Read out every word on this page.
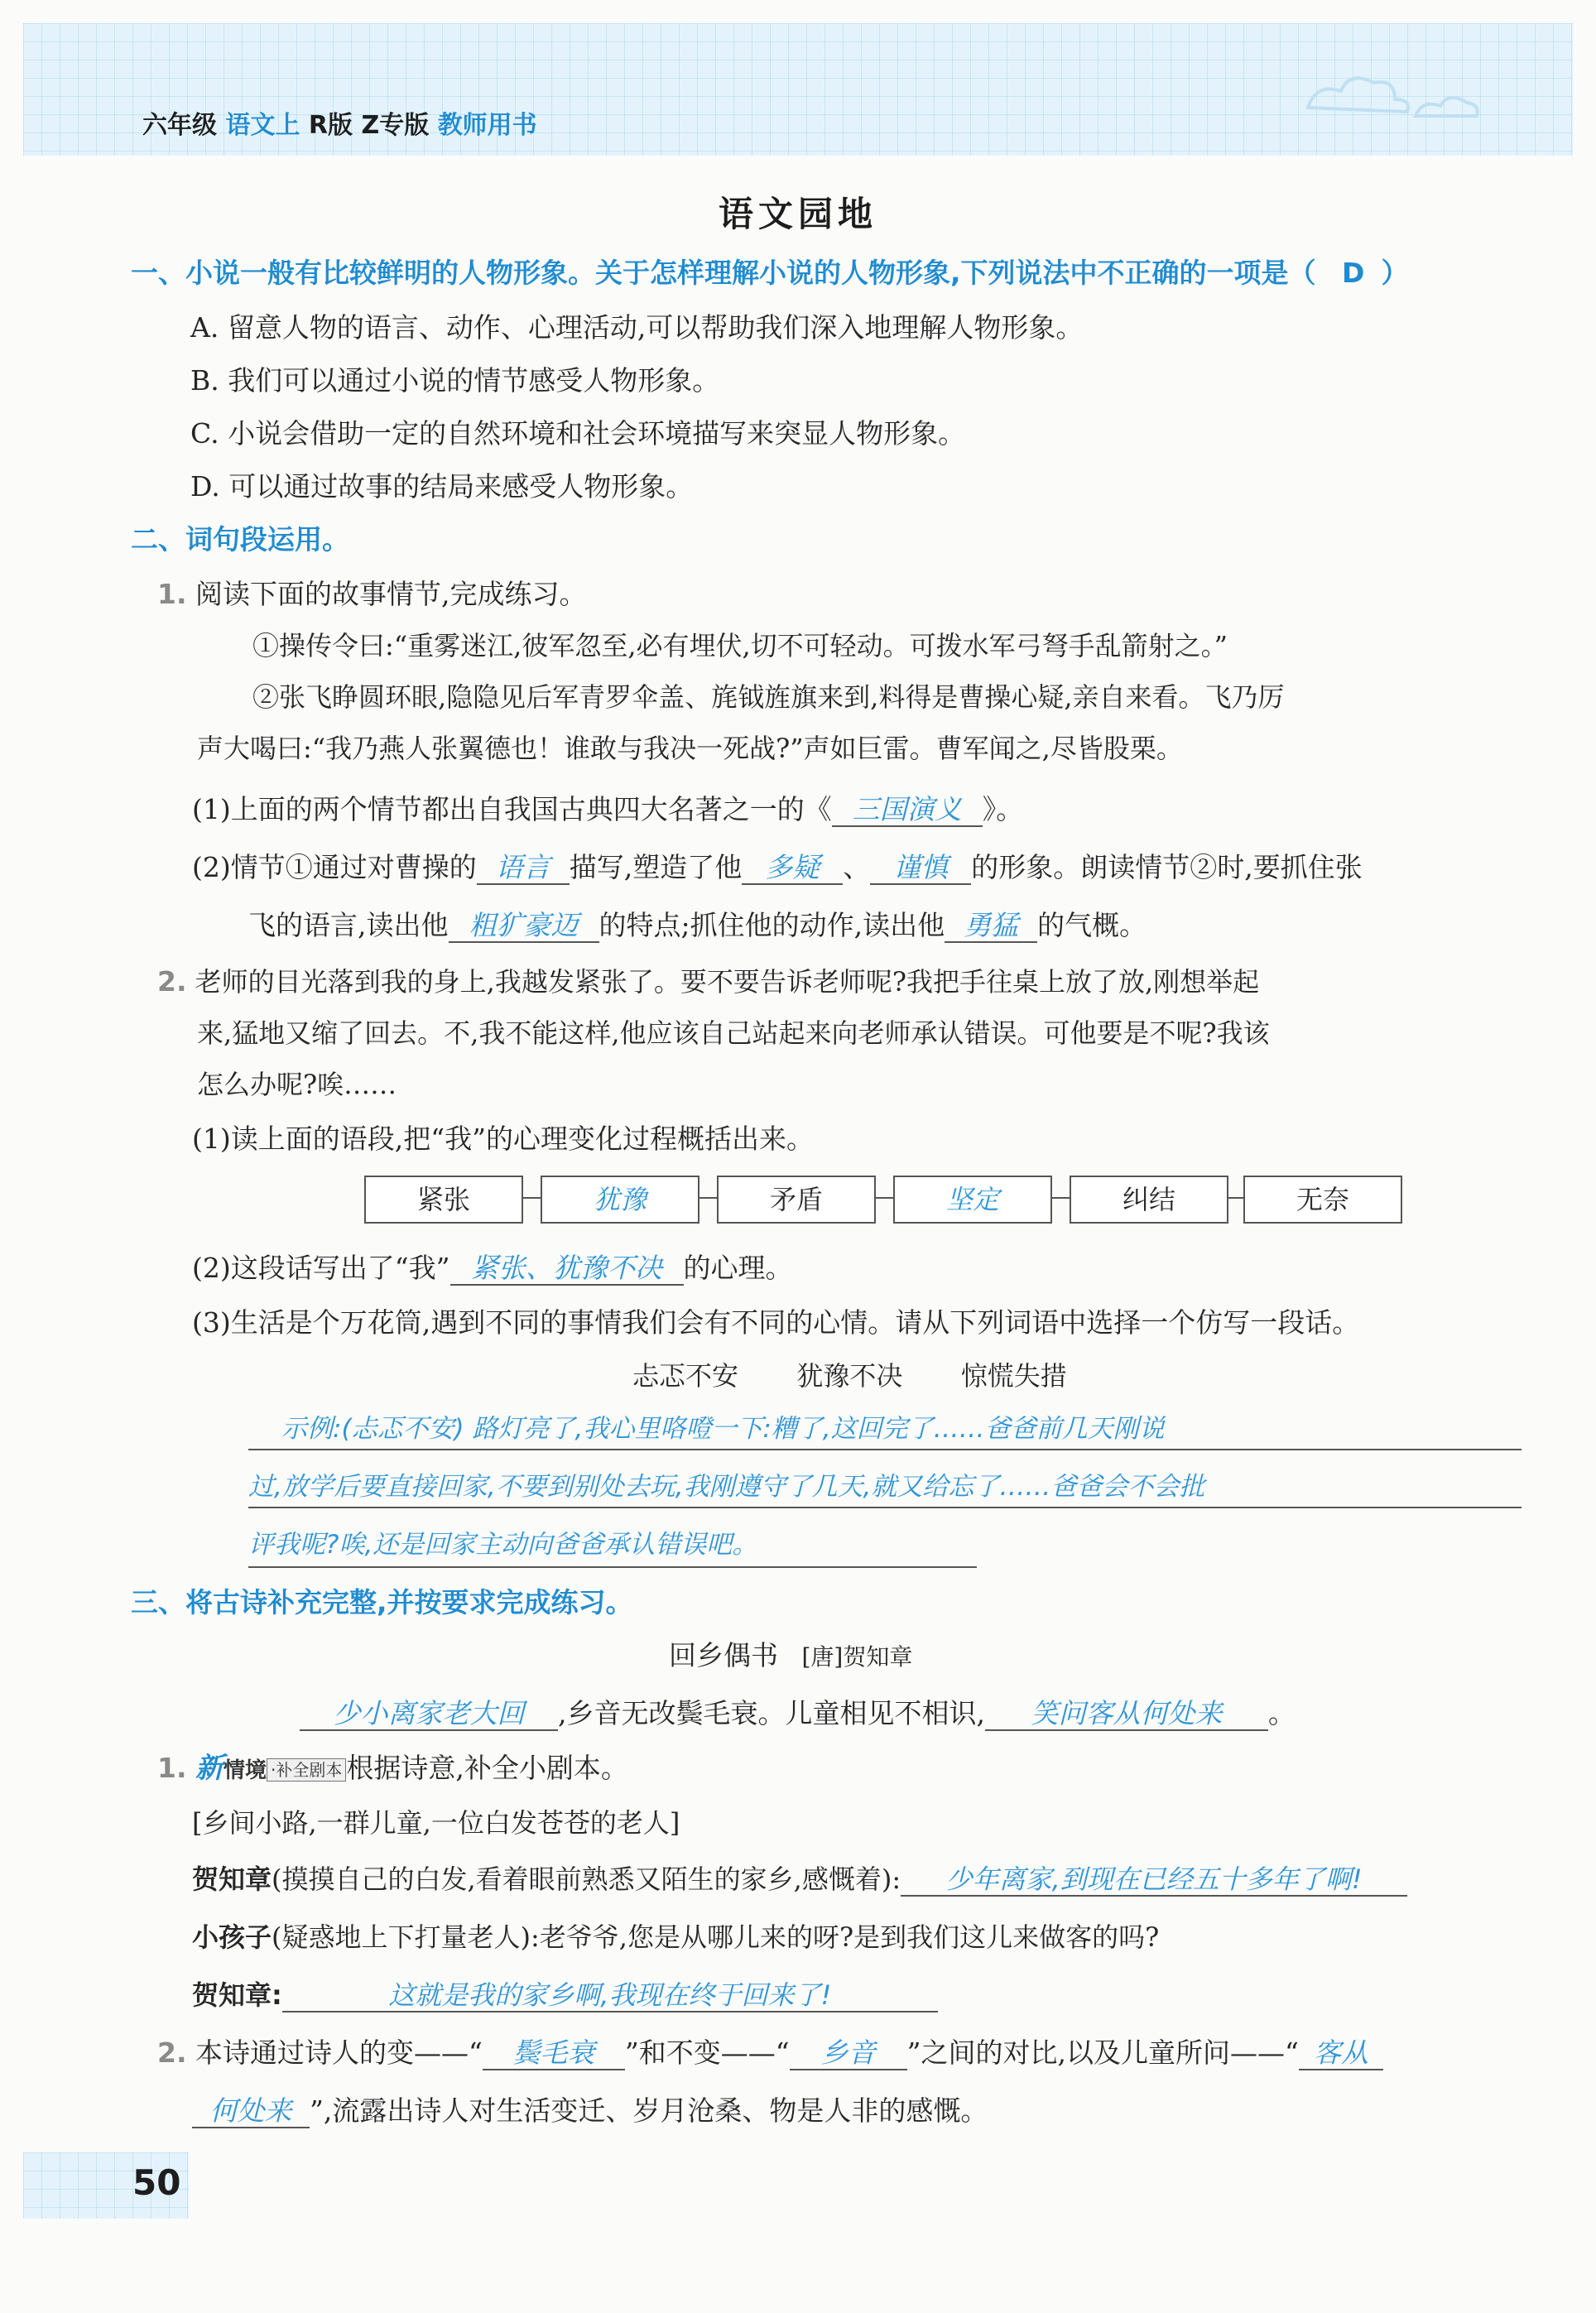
六年级 语文上 R版 Z专版 教师用书
语文园地
一、小说一般有比较鲜明的人物形象。关于怎样理解小说的人物形象,下列说法中不正确的一项是（ D ）
A. 留意人物的语言、动作、心理活动,可以帮助我们深入地理解人物形象。
B. 我们可以通过小说的情节感受人物形象。
C. 小说会借助一定的自然环境和社会环境描写来突显人物形象。
D. 可以通过故事的结局来感受人物形象。
二、词句段运用。
1. 阅读下面的故事情节,完成练习。
①操传令曰:“重雾迷江,彼军忽至,必有埋伏,切不可轻动。可拨水军弓弩手乱箭射之。”
②张飞睁圆环眼,隐隐见后军青罗伞盖、旄钺旌旗来到,料得是曹操心疑,亲自来看。飞乃厉
声大喝曰:“我乃燕人张翼德也！谁敢与我决一死战?”声如巨雷。曹军闻之,尽皆股栗。
(1)上面的两个情节都出自我国古典四大名著之一的《 三国演义 》。
(2)情节①通过对曹操的 语言 描写,塑造了他 多疑 、 谨慎 的形象。朗读情节②时,要抓住张
飞的语言,读出他 粗犷豪迈 的特点;抓住他的动作,读出他 勇猛 的气概。
2. 老师的目光落到我的身上,我越发紧张了。要不要告诉老师呢?我把手往桌上放了放,刚想举起
来,猛地又缩了回去。不,我不能这样,他应该自己站起来向老师承认错误。可他要是不呢?我该
怎么办呢?唉……
(1)读上面的语段,把“我”的心理变化过程概括出来。
紧张	犹豫	矛盾	坚定	纠结	无奈
(2)这段话写出了“我” 紧张、犹豫不决 的心理。
(3)生活是个万花筒,遇到不同的事情我们会有不同的心情。请从下列词语中选择一个仿写一段话。
忐忑不安 犹豫不决 惊慌失措
示例:(忐忑不安) 路灯亮了,我心里咯噔一下:糟了,这回完了……爸爸前几天刚说
过,放学后要直接回家,不要到别处去玩,我刚遵守了几天,就又给忘了……爸爸会不会批
评我呢?唉,还是回家主动向爸爸承认错误吧。
三、将古诗补充完整,并按要求完成练习。
回乡偶书 [唐]贺知章
少小离家老大回 ,乡音无改鬓毛衰。儿童相见不相识, 笑问客从何处来 。
1. 新情境 ·补全剧本 根据诗意,补全小剧本。
[乡间小路,一群儿童,一位白发苍苍的老人]
贺知章(摸摸自己的白发,看着眼前熟悉又陌生的家乡,感慨着): 少年离家,到现在已经五十多年了啊!
小孩子(疑惑地上下打量老人):老爷爷,您是从哪儿来的呀?是到我们这儿来做客的吗?
贺知章:	这就是我的家乡啊,我现在终于回来了!
2. 本诗通过诗人的变——“ 鬓毛衰 ”和不变——“ 乡音 ”之间的对比,以及儿童所问——“ 客从
何处来 ”,流露出诗人对生活变迁、岁月沧桑、物是人非的感慨。
50
